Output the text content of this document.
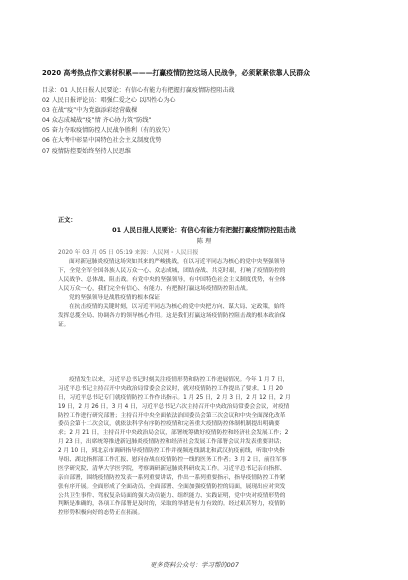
2020 高考热点作文素材积累———打赢疫情防控这场人民战争，必须紧紧依靠人民群众
目录：01 人民日报人民要论：有信心有能力有把握打赢疫情防控阻击战
02 人民日报评论员：唱强仁爱之心 以四性心为心
03 在战“疫”中为党旗添彩经营截棵
04 众志成城战“疫”情 齐心协力筑“防线”
05 奋力夺取疫情防控人民战争胜利（有的放矢）
06 在大考中彰显中国特色社会主义制度优势
07 疫情防控要始终坚持人民思维
正文：
01 人民日报人民要论：有信心有能力有把握打赢疫情防控阻击战
陈 理
2020 年 03 月 05 日 05:19 来源：人民网・人民日报
面对新冠肺炎疫情这场突如其来的严峻挑战，在以习近平同志为核心的党中央坚强领导
下，全党全军全国各族人民万众一心、众志成城，团结奋战、共克时艰，打响了疫情防控的
人民战争、总体战、阻击战。有党中央的坚强领导，有中国特色社会主义制度优势，有全体
人民万众一心，我们完全有信心、有能力、有把握打赢这场疫情防控阻击战。
党的坚强领导是战胜疫情的根本保证
在抗击疫情的关键时刻，以习近平同志为核心的党中央把方向、谋大局、定政策，始终
发挥总揽全局、协调各方的领导核心作用。这是我们打赢这场疫情防控阻击战的根本政治保
证。
疫情发生以来，习近平总书记时刻关注疫情形势和防控工作进展情况。今年 1 月 7 日，
习近平总书记主持召开中央政治局常委会会议时，就对疫情防控工作提出了要求。1 月 20
日，习近平总书记专门就疫情防控工作作出指示。1 月 25 日，2 月 3 日，2 月 12 日，2 月
19 日，2 月 26 日，3 月 4 日，习近平总书记六次主持召开中央政治局常委会会议，对疫情
防控工作进行研究部署；主持召开中央全面依法治国委员会第三次会议和中央全面深化改革
委员会第十二次会议，就依法科学有序防控疫情和完善重大疫情防控体制机制提出明确要
求；2 月 21 日，主持召开中央政治局会议，部署统筹做好疫情防控和经济社会发展工作；2
月 23 日，出席统筹推进新冠肺炎疫情防控和经济社会发展工作部署会议并发表重要讲话；
2 月 10 日，到北京市调研指导疫情防控工作并视频连线湖北和武汉抗疫前线，听取中央指
导组、湖北指挥部工作汇报、慰问奋战在疫情防控一线的医务工作者；3 月 2 日，前往军事
医学研究院、清华大学医学院，考察调研新冠肺炎科研攻关工作。习近平总书记亲自指挥、
亲自部署，围绕疫情防控发表一系列重要讲话，作出一系列重要指示，指导疫情防控工作紧
张有序开展。全面形成了全面动员、全面部署、全面加强疫情防控的局面，展现出应对突发
公共卫生事件、驾驭复杂局面的强大动员能力、组织能力、实践证明，党中央对疫情形势的
判断是准确的，各项工作部署是及时的，采取的举措是有力有效的。经过艰苦努力，疫情防
控形势积极向好的态势正在拓展。
更多资料公众号：学习帮的007
